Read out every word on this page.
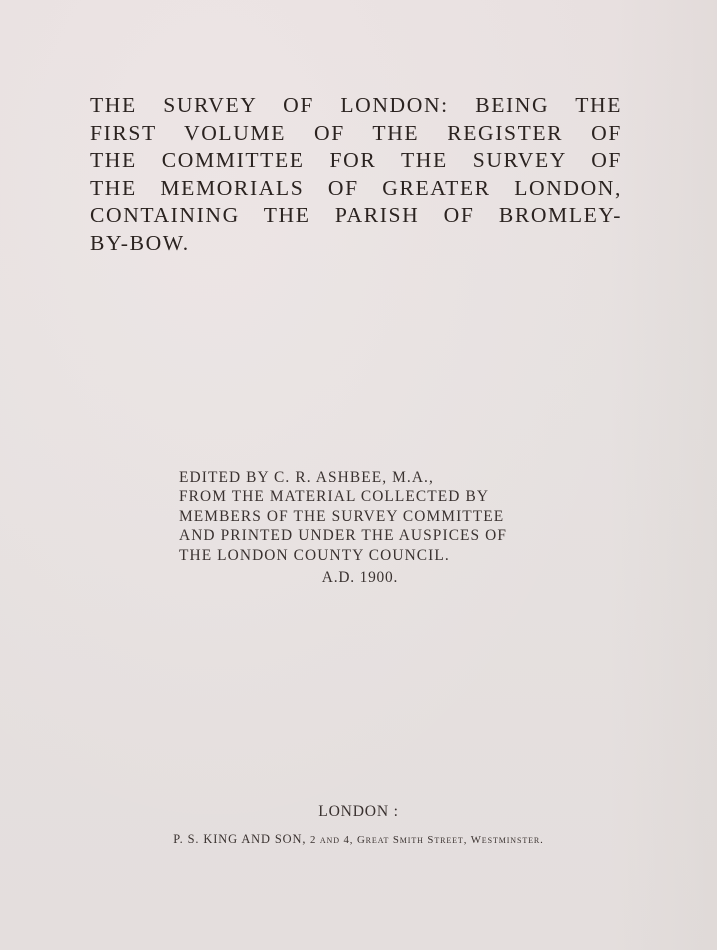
THE SURVEY OF LONDON: BEING THE
FIRST VOLUME OF THE REGISTER OF
THE COMMITTEE FOR THE SURVEY OF
THE MEMORIALS OF GREATER LONDON,
CONTAINING THE PARISH OF BROMLEY-
BY-BOW.
EDITED BY C. R. ASHBEE, M.A.,
FROM THE MATERIAL COLLECTED BY
MEMBERS OF THE SURVEY COMMITTEE
AND PRINTED UNDER THE AUSPICES OF
THE LONDON COUNTY COUNCIL.
A.D. 1900.
LONDON :
P. S. KING AND SON, 2 and 4, Great Smith Street, Westminster.
